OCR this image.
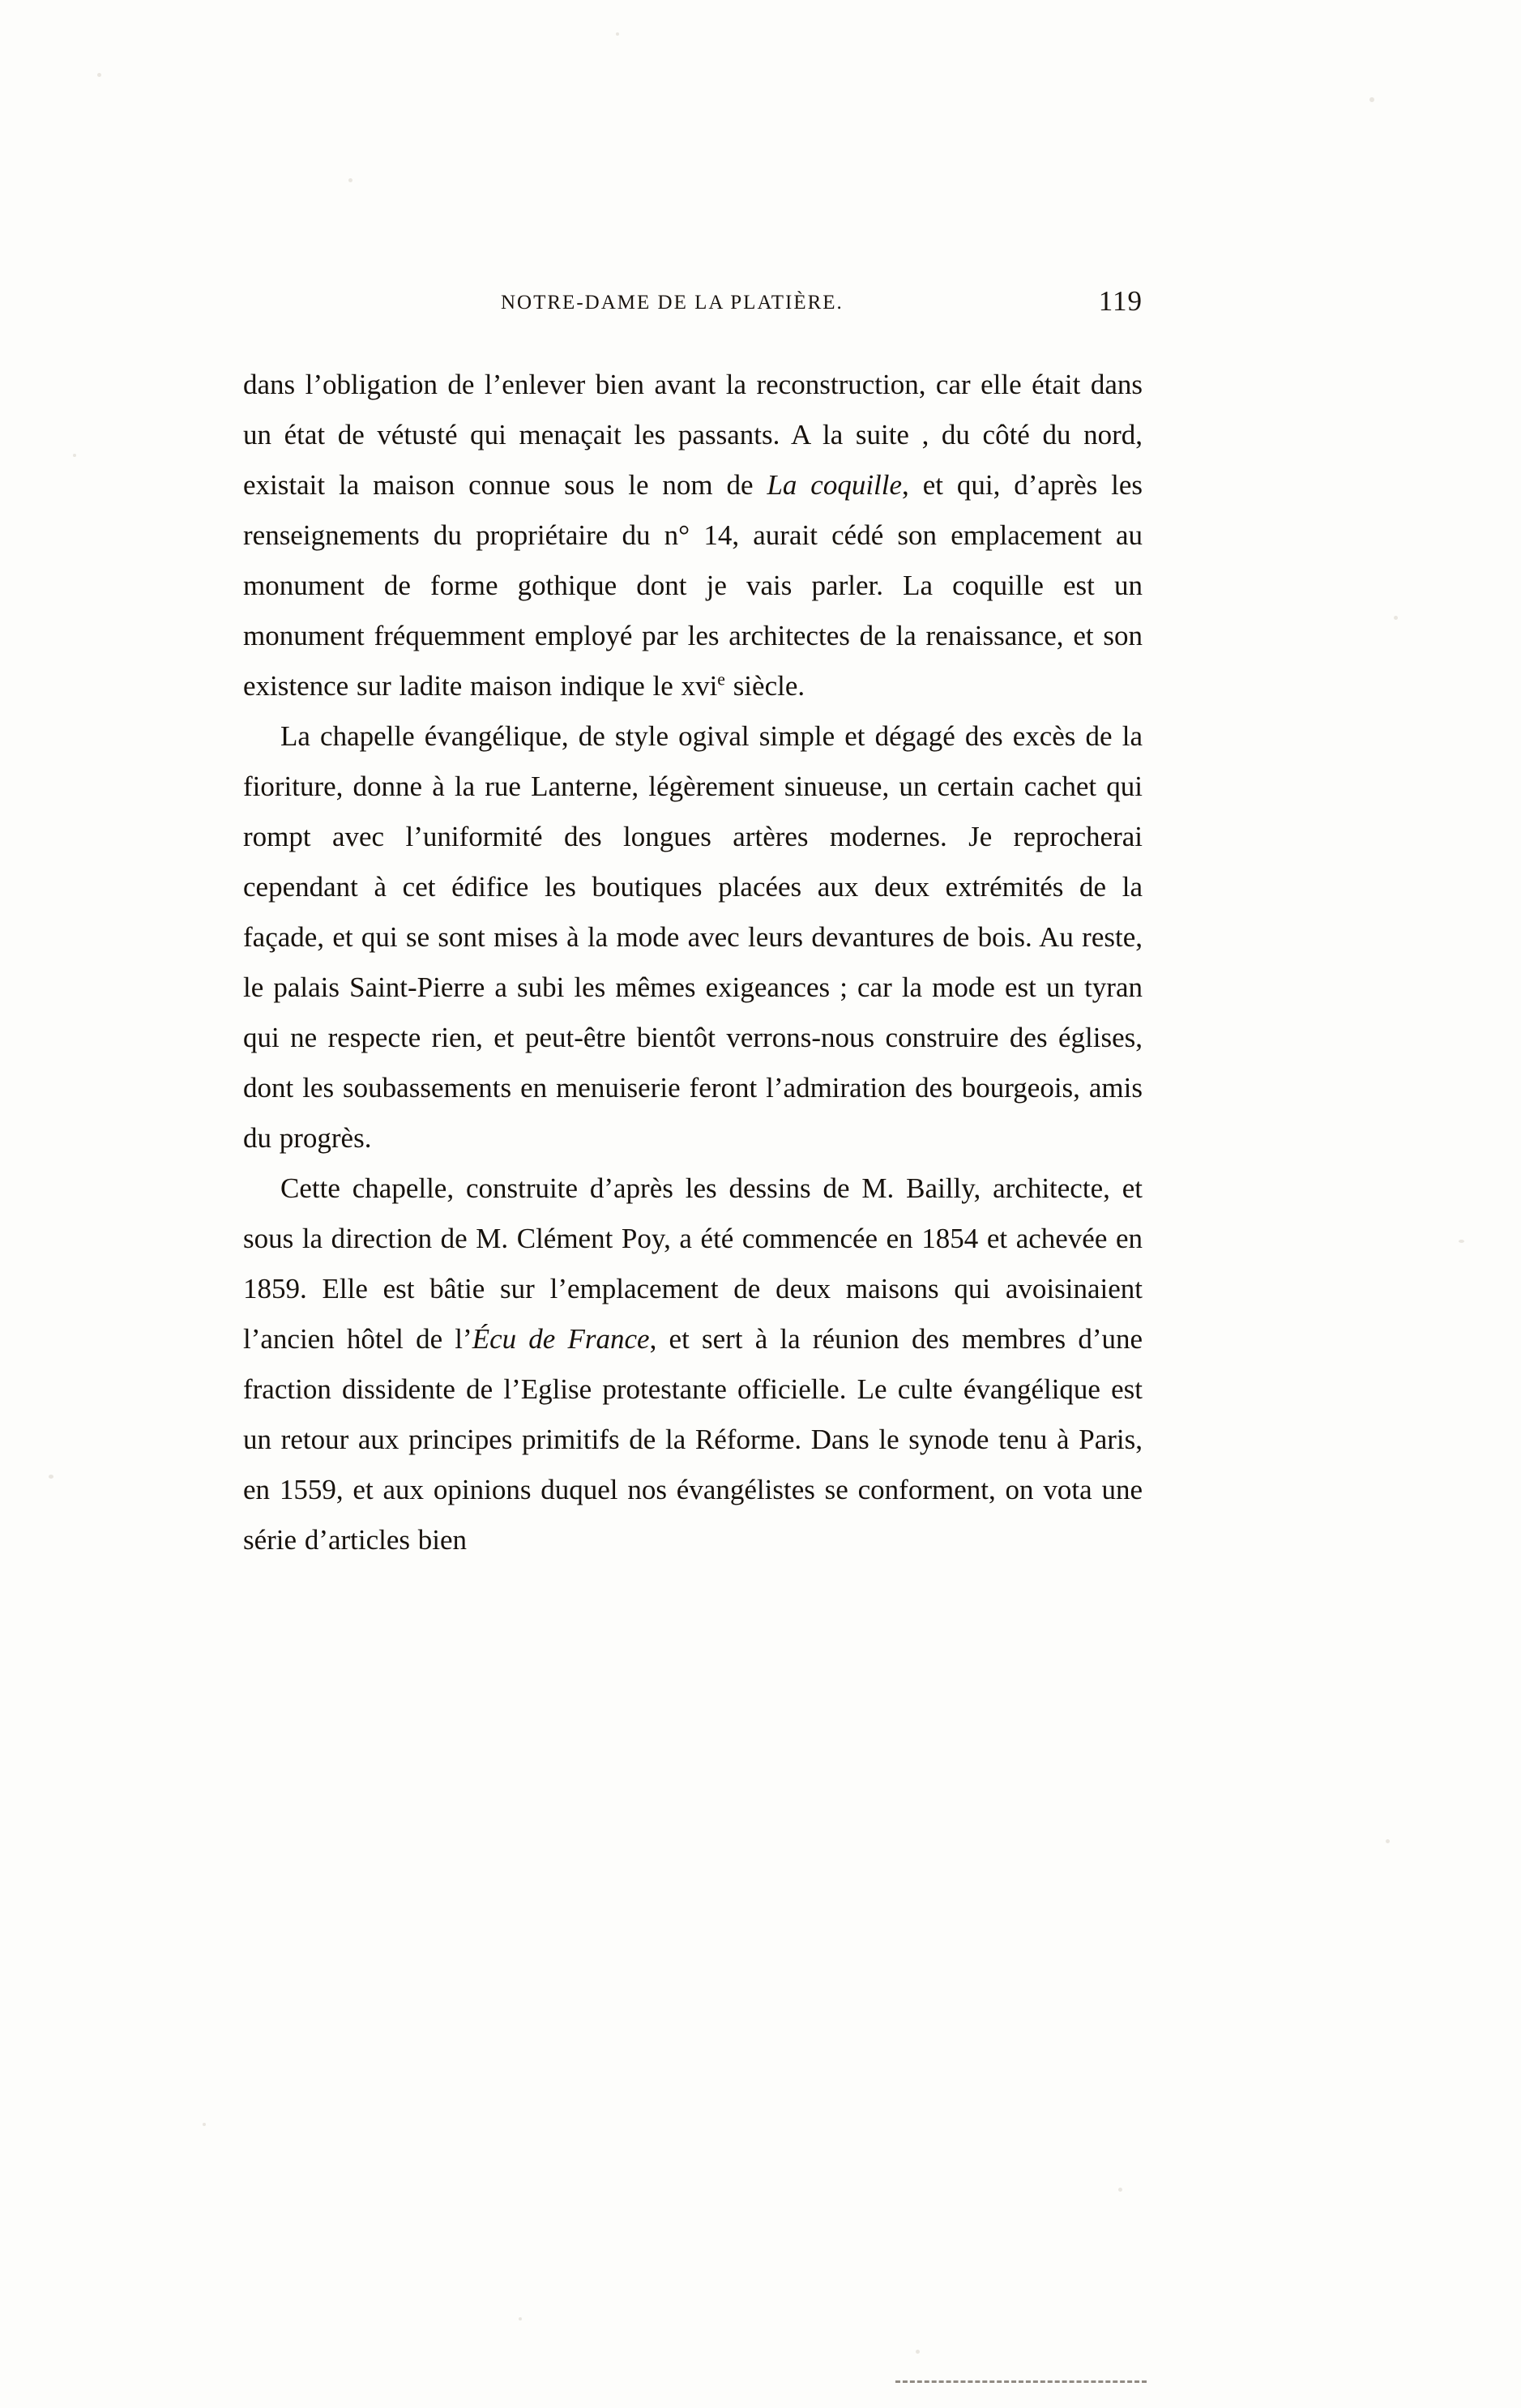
NOTRE-DAME DE LA PLATIÈRE.	119

dans l’obligation de l’enlever bien avant la reconstruction, car elle était dans un état de vétusté qui menaçait les passants. A la suite , du côté du nord, existait la maison connue sous le nom de La coquille, et qui, d’après les renseignements du propriétaire du n° 14, aurait cédé son emplacement au monument de forme gothique dont je vais parler. La coquille est un monument fréquemment employé par les architectes de la renaissance, et son existence sur ladite maison indique le xvi$^e$ siècle.

La chapelle évangélique, de style ogival simple et dégagé des excès de la fioriture, donne à la rue Lanterne, légèrement sinueuse, un certain cachet qui rompt avec l’uniformité des longues artères modernes. Je reprocherai cependant à cet édifice les boutiques placées aux deux extrémités de la façade, et qui se sont mises à la mode avec leurs devantures de bois. Au reste, le palais Saint-Pierre a subi les mêmes exigeances ; car la mode est un tyran qui ne respecte rien, et peut-être bientôt verrons-nous construire des églises, dont les soubassements en menuiserie feront l’admiration des bourgeois, amis du progrès.

Cette chapelle, construite d’après les dessins de M. Bailly, architecte, et sous la direction de M. Clément Poy, a été commencée en 1854 et achevée en 1859. Elle est bâtie sur l’emplacement de deux maisons qui avoisinaient l’ancien hôtel de l’Écu de France, et sert à la réunion des membres d’une fraction dissidente de l’Eglise protestante officielle. Le culte évangélique est un retour aux principes primitifs de la Réforme. Dans le synode tenu à Paris, en 1559, et aux opinions duquel nos évangélistes se conforment, on vota une série d’articles bien
